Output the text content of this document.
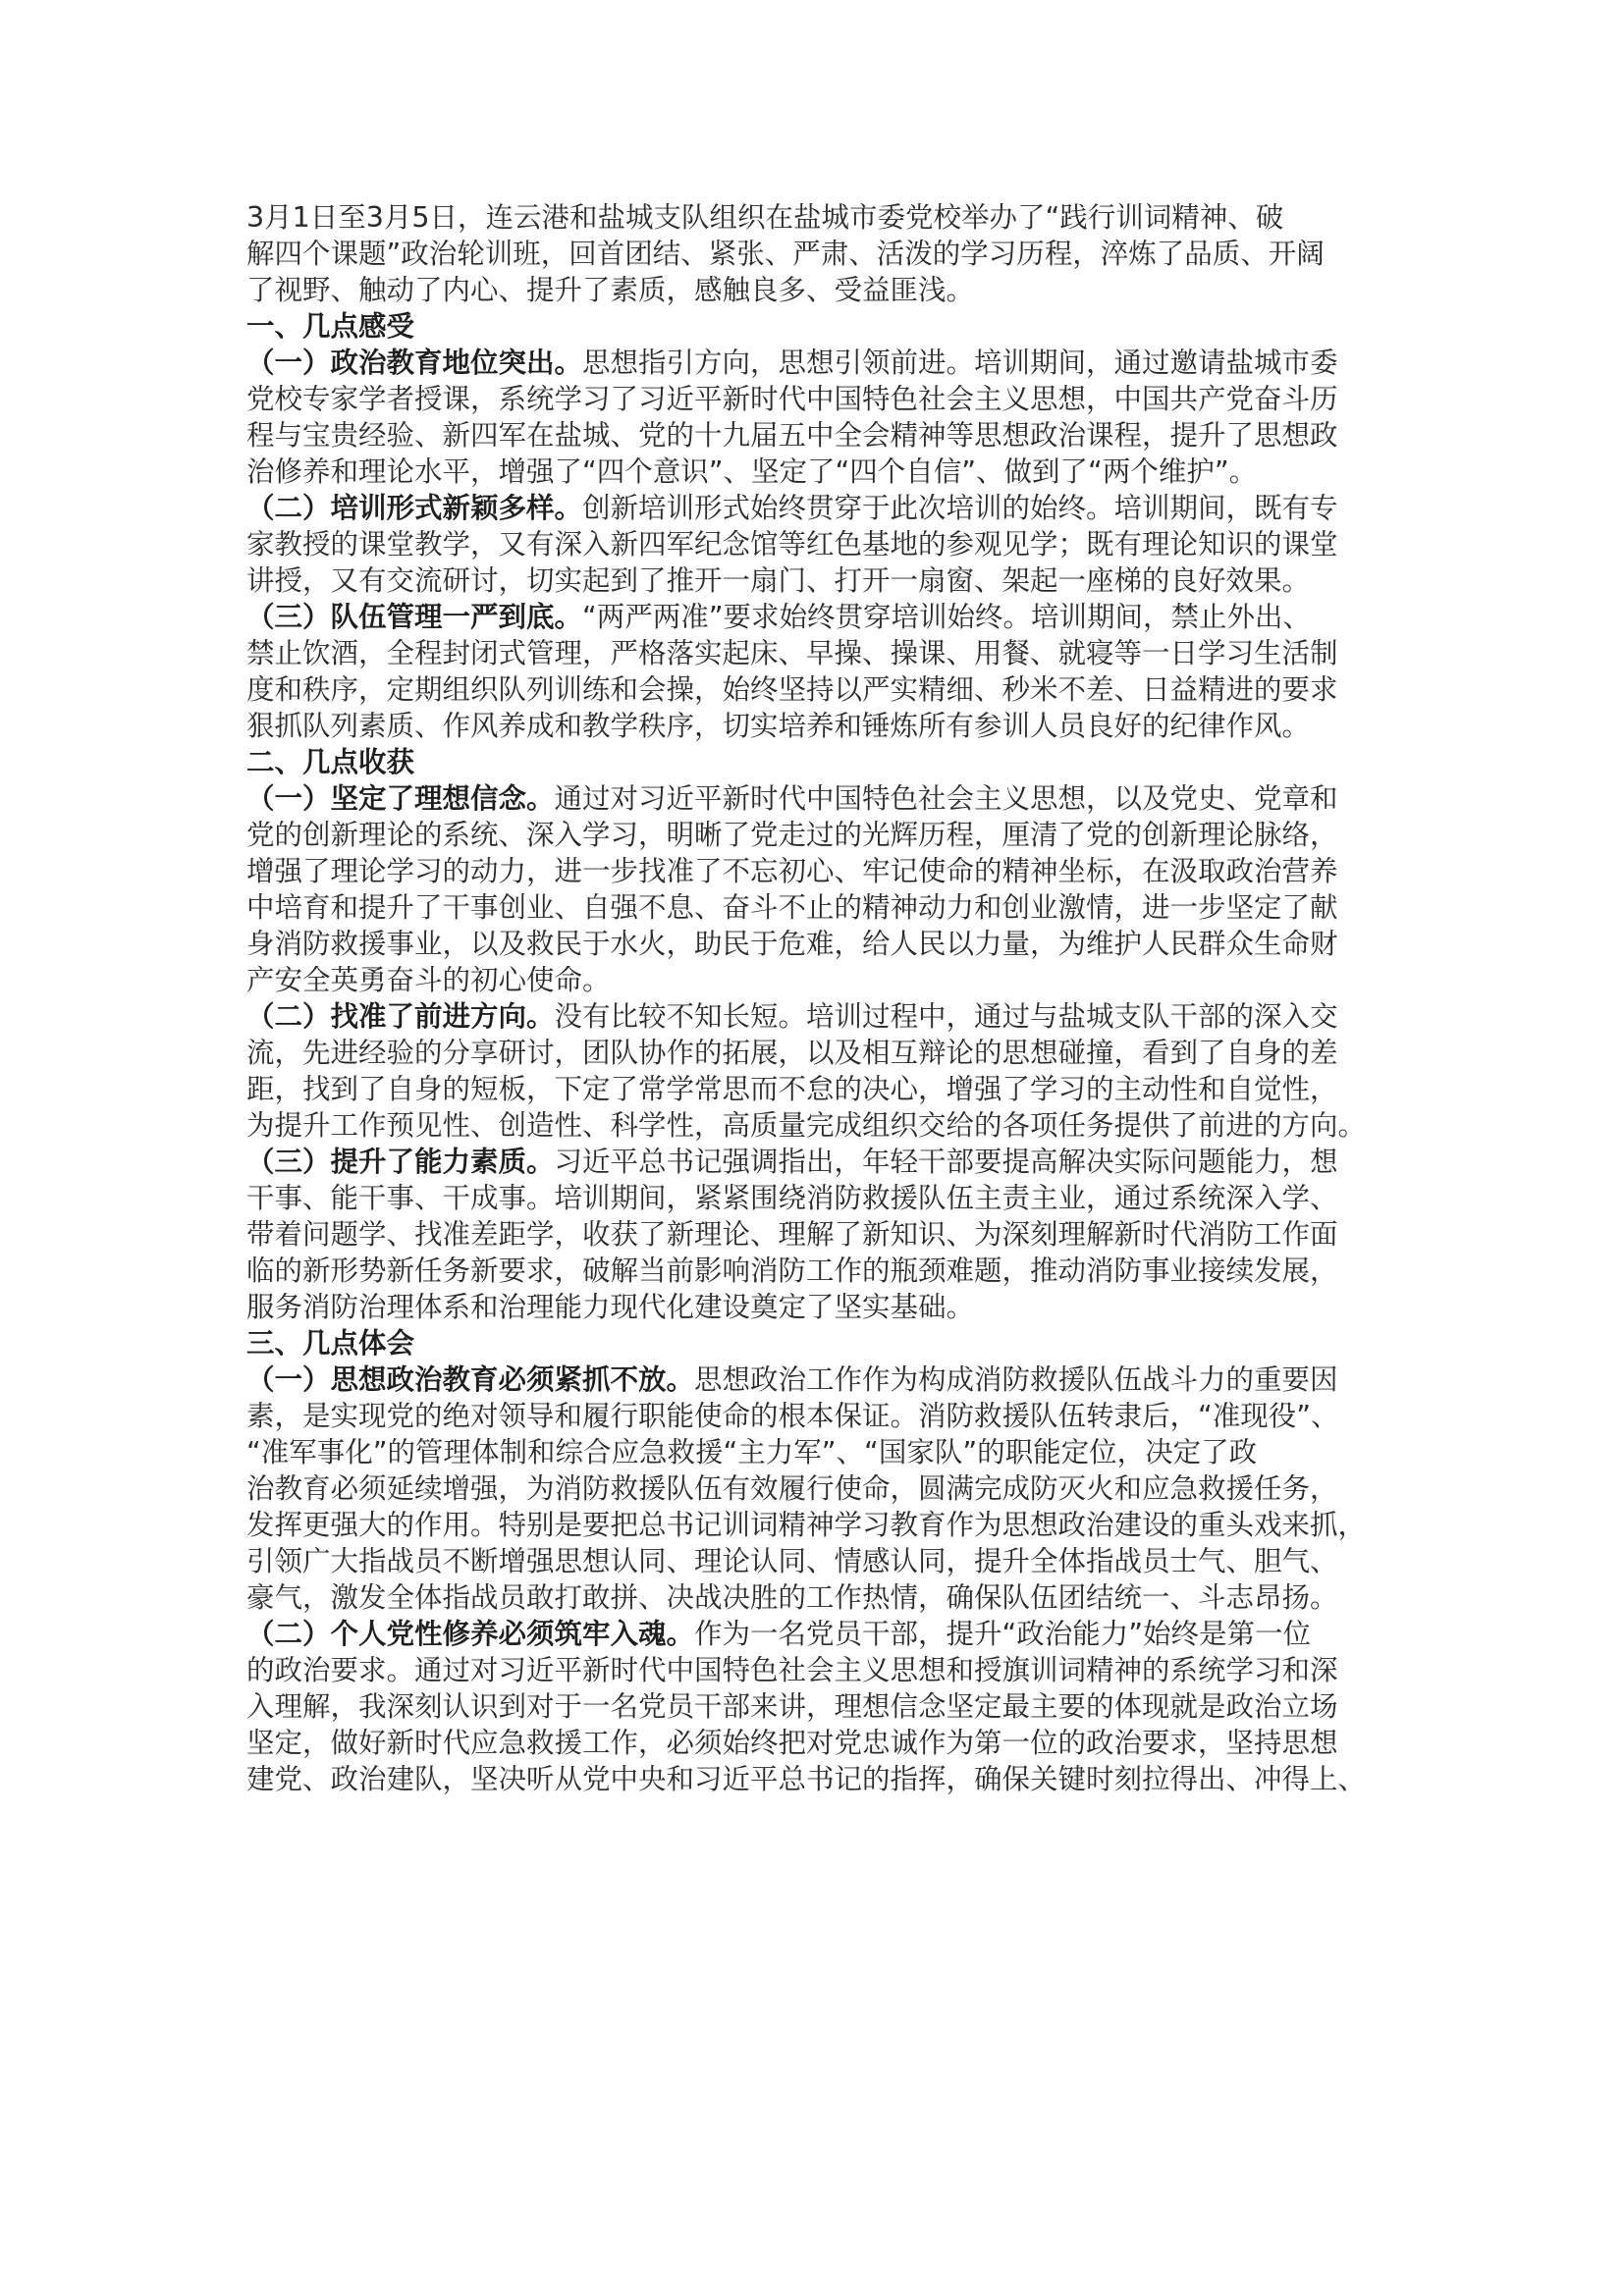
3月1日至3月5日，连云港和盐城支队组织在盐城市委党校举办了“践行训词精神、破
解四个课题”政治轮训班，回首团结、紧张、严肃、活泼的学习历程，淬炼了品质、开阔
了视野、触动了内心、提升了素质，感触良多、受益匪浅。
一、几点感受
（一）政治教育地位突出。思想指引方向，思想引领前进。培训期间，通过邀请盐城市委
党校专家学者授课，系统学习了习近平新时代中国特色社会主义思想，中国共产党奋斗历
程与宝贵经验、新四军在盐城、党的十九届五中全会精神等思想政治课程，提升了思想政
治修养和理论水平，增强了“四个意识”、坚定了“四个自信”、做到了“两个维护”。
（二）培训形式新颖多样。创新培训形式始终贯穿于此次培训的始终。培训期间，既有专
家教授的课堂教学，又有深入新四军纪念馆等红色基地的参观见学；既有理论知识的课堂
讲授，又有交流研讨，切实起到了推开一扇门、打开一扇窗、架起一座梯的良好效果。
（三）队伍管理一严到底。“两严两准”要求始终贯穿培训始终。培训期间，禁止外出、
禁止饮酒，全程封闭式管理，严格落实起床、早操、操课、用餐、就寝等一日学习生活制
度和秩序，定期组织队列训练和会操，始终坚持以严实精细、秒米不差、日益精进的要求
狠抓队列素质、作风养成和教学秩序，切实培养和锤炼所有参训人员良好的纪律作风。
二、几点收获
（一）坚定了理想信念。通过对习近平新时代中国特色社会主义思想，以及党史、党章和
党的创新理论的系统、深入学习，明晰了党走过的光辉历程，厘清了党的创新理论脉络，
增强了理论学习的动力，进一步找准了不忘初心、牢记使命的精神坐标，在汲取政治营养
中培育和提升了干事创业、自强不息、奋斗不止的精神动力和创业激情，进一步坚定了献
身消防救援事业，以及救民于水火，助民于危难，给人民以力量，为维护人民群众生命财
产安全英勇奋斗的初心使命。
（二）找准了前进方向。没有比较不知长短。培训过程中，通过与盐城支队干部的深入交
流，先进经验的分享研讨，团队协作的拓展，以及相互辩论的思想碰撞，看到了自身的差
距，找到了自身的短板，下定了常学常思而不怠的决心，增强了学习的主动性和自觉性，
为提升工作预见性、创造性、科学性，高质量完成组织交给的各项任务提供了前进的方向。
（三）提升了能力素质。习近平总书记强调指出，年轻干部要提高解决实际问题能力，想
干事、能干事、干成事。培训期间，紧紧围绕消防救援队伍主责主业，通过系统深入学、
带着问题学、找准差距学，收获了新理论、理解了新知识、为深刻理解新时代消防工作面
临的新形势新任务新要求，破解当前影响消防工作的瓶颈难题，推动消防事业接续发展，
服务消防治理体系和治理能力现代化建设奠定了坚实基础。
三、几点体会
（一）思想政治教育必须紧抓不放。思想政治工作作为构成消防救援队伍战斗力的重要因
素，是实现党的绝对领导和履行职能使命的根本保证。消防救援队伍转隶后，“准现役”、
“准军事化”的管理体制和综合应急救援“主力军”、“国家队”的职能定位，决定了政
治教育必须延续增强，为消防救援队伍有效履行使命，圆满完成防灭火和应急救援任务，
发挥更强大的作用。特别是要把总书记训词精神学习教育作为思想政治建设的重头戏来抓，
引领广大指战员不断增强思想认同、理论认同、情感认同，提升全体指战员士气、胆气、
豪气，激发全体指战员敢打敢拼、决战决胜的工作热情，确保队伍团结统一、斗志昂扬。
（二）个人党性修养必须筑牢入魂。作为一名党员干部，提升“政治能力”始终是第一位
的政治要求。通过对习近平新时代中国特色社会主义思想和授旗训词精神的系统学习和深
入理解，我深刻认识到对于一名党员干部来讲，理想信念坚定最主要的体现就是政治立场
坚定，做好新时代应急救援工作，必须始终把对党忠诚作为第一位的政治要求，坚持思想
建党、政治建队，坚决听从党中央和习近平总书记的指挥，确保关键时刻拉得出、冲得上、
